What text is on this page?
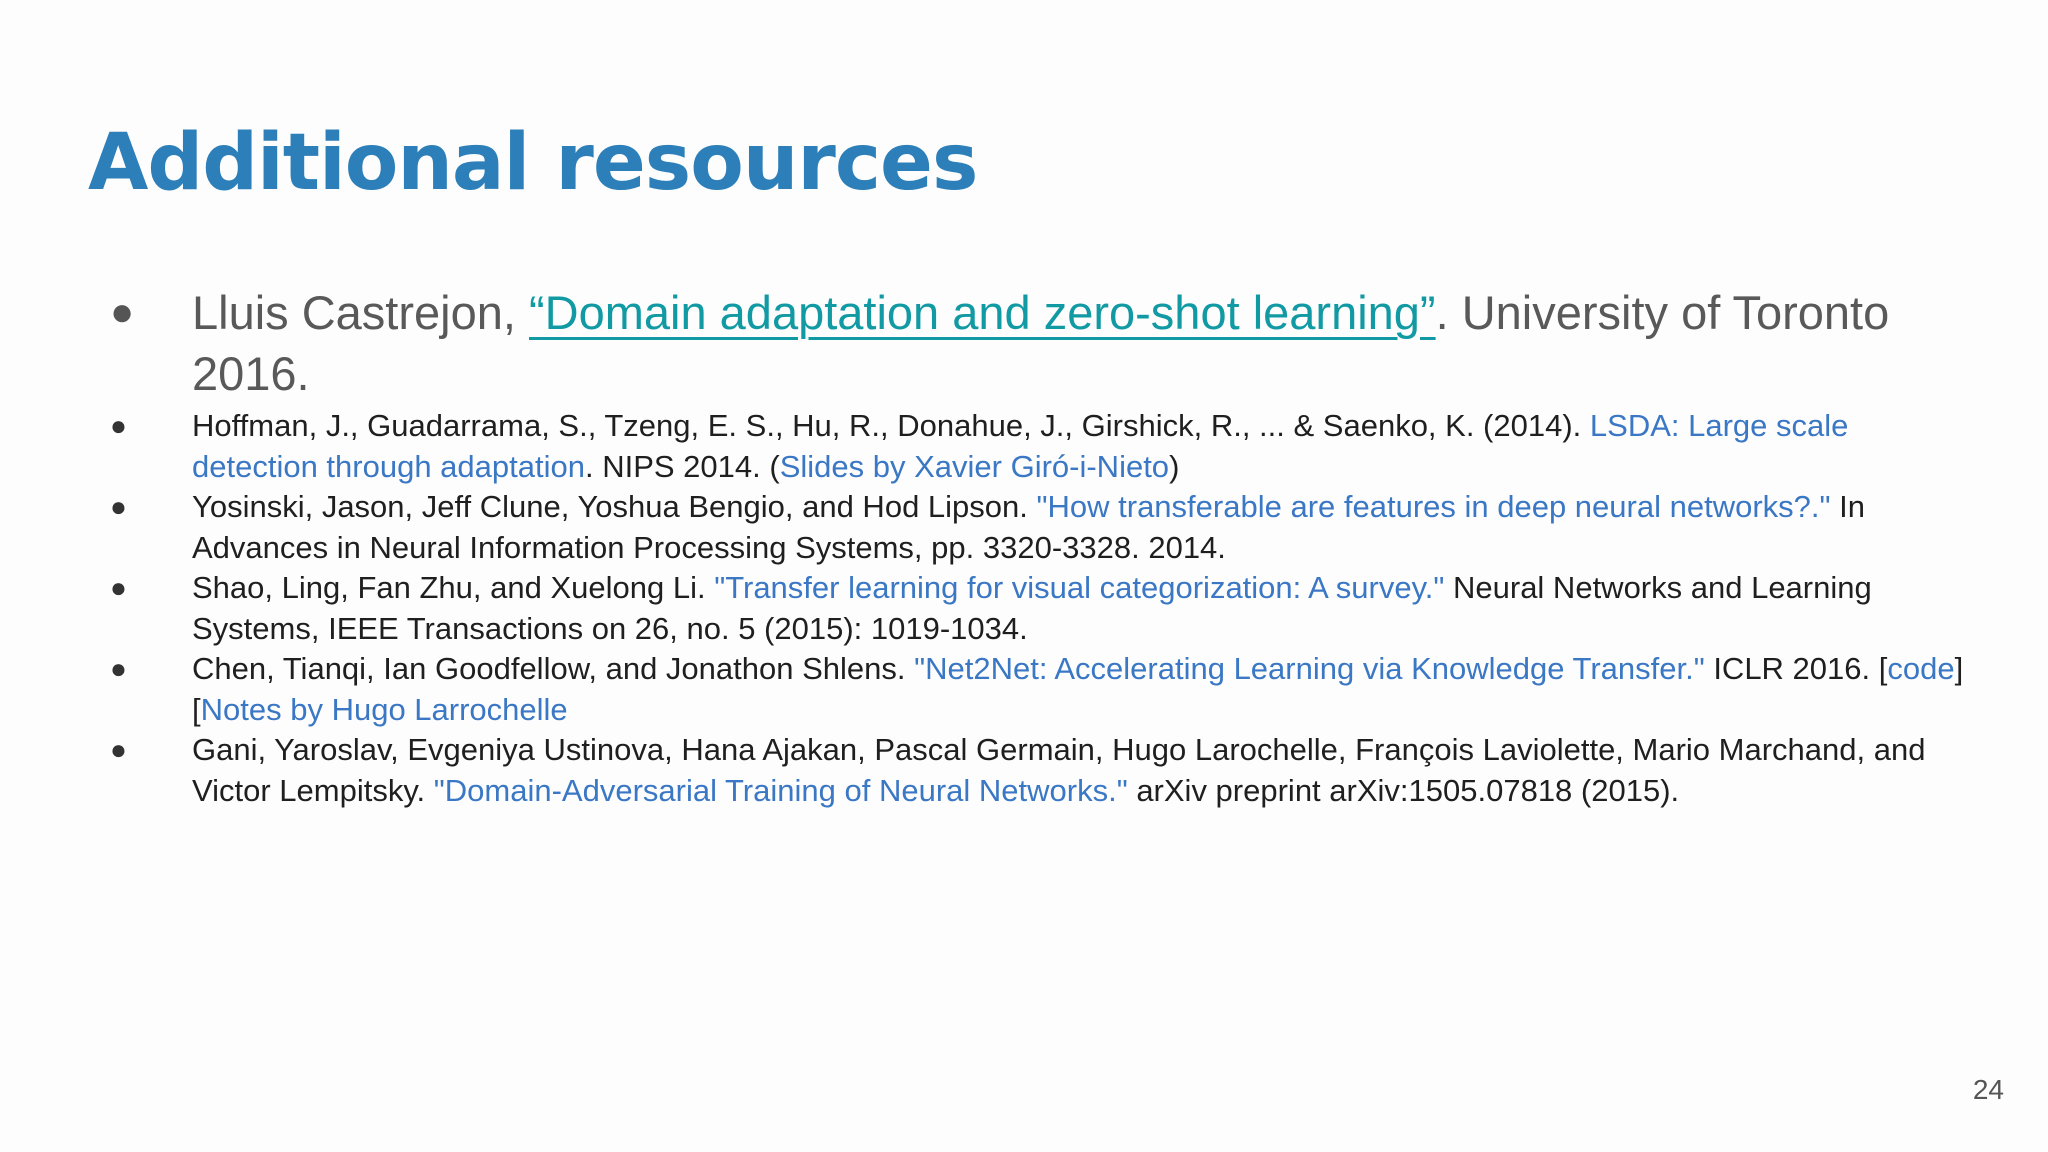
Additional resources
●	Lluis Castrejon, “Domain adaptation and zero-shot learning”. University of Toronto 2016.
●	Hoffman, J., Guadarrama, S., Tzeng, E. S., Hu, R., Donahue, J., Girshick, R., ... & Saenko, K. (2014). LSDA: Large scale detection through adaptation. NIPS 2014. (Slides by Xavier Giró-i-Nieto)
●	Yosinski, Jason, Jeff Clune, Yoshua Bengio, and Hod Lipson. "How transferable are features in deep neural networks?." In Advances in Neural Information Processing Systems, pp. 3320-3328. 2014.
●	Shao, Ling, Fan Zhu, and Xuelong Li. "Transfer learning for visual categorization: A survey." Neural Networks and Learning Systems, IEEE Transactions on 26, no. 5 (2015): 1019-1034.
●	Chen, Tianqi, Ian Goodfellow, and Jonathon Shlens. "Net2Net: Accelerating Learning via Knowledge Transfer." ICLR 2016. [code] [Notes by Hugo Larrochelle
●	Gani, Yaroslav, Evgeniya Ustinova, Hana Ajakan, Pascal Germain, Hugo Larochelle, François Laviolette, Mario Marchand, and Victor Lempitsky. "Domain-Adversarial Training of Neural Networks." arXiv preprint arXiv:1505.07818 (2015).
24
